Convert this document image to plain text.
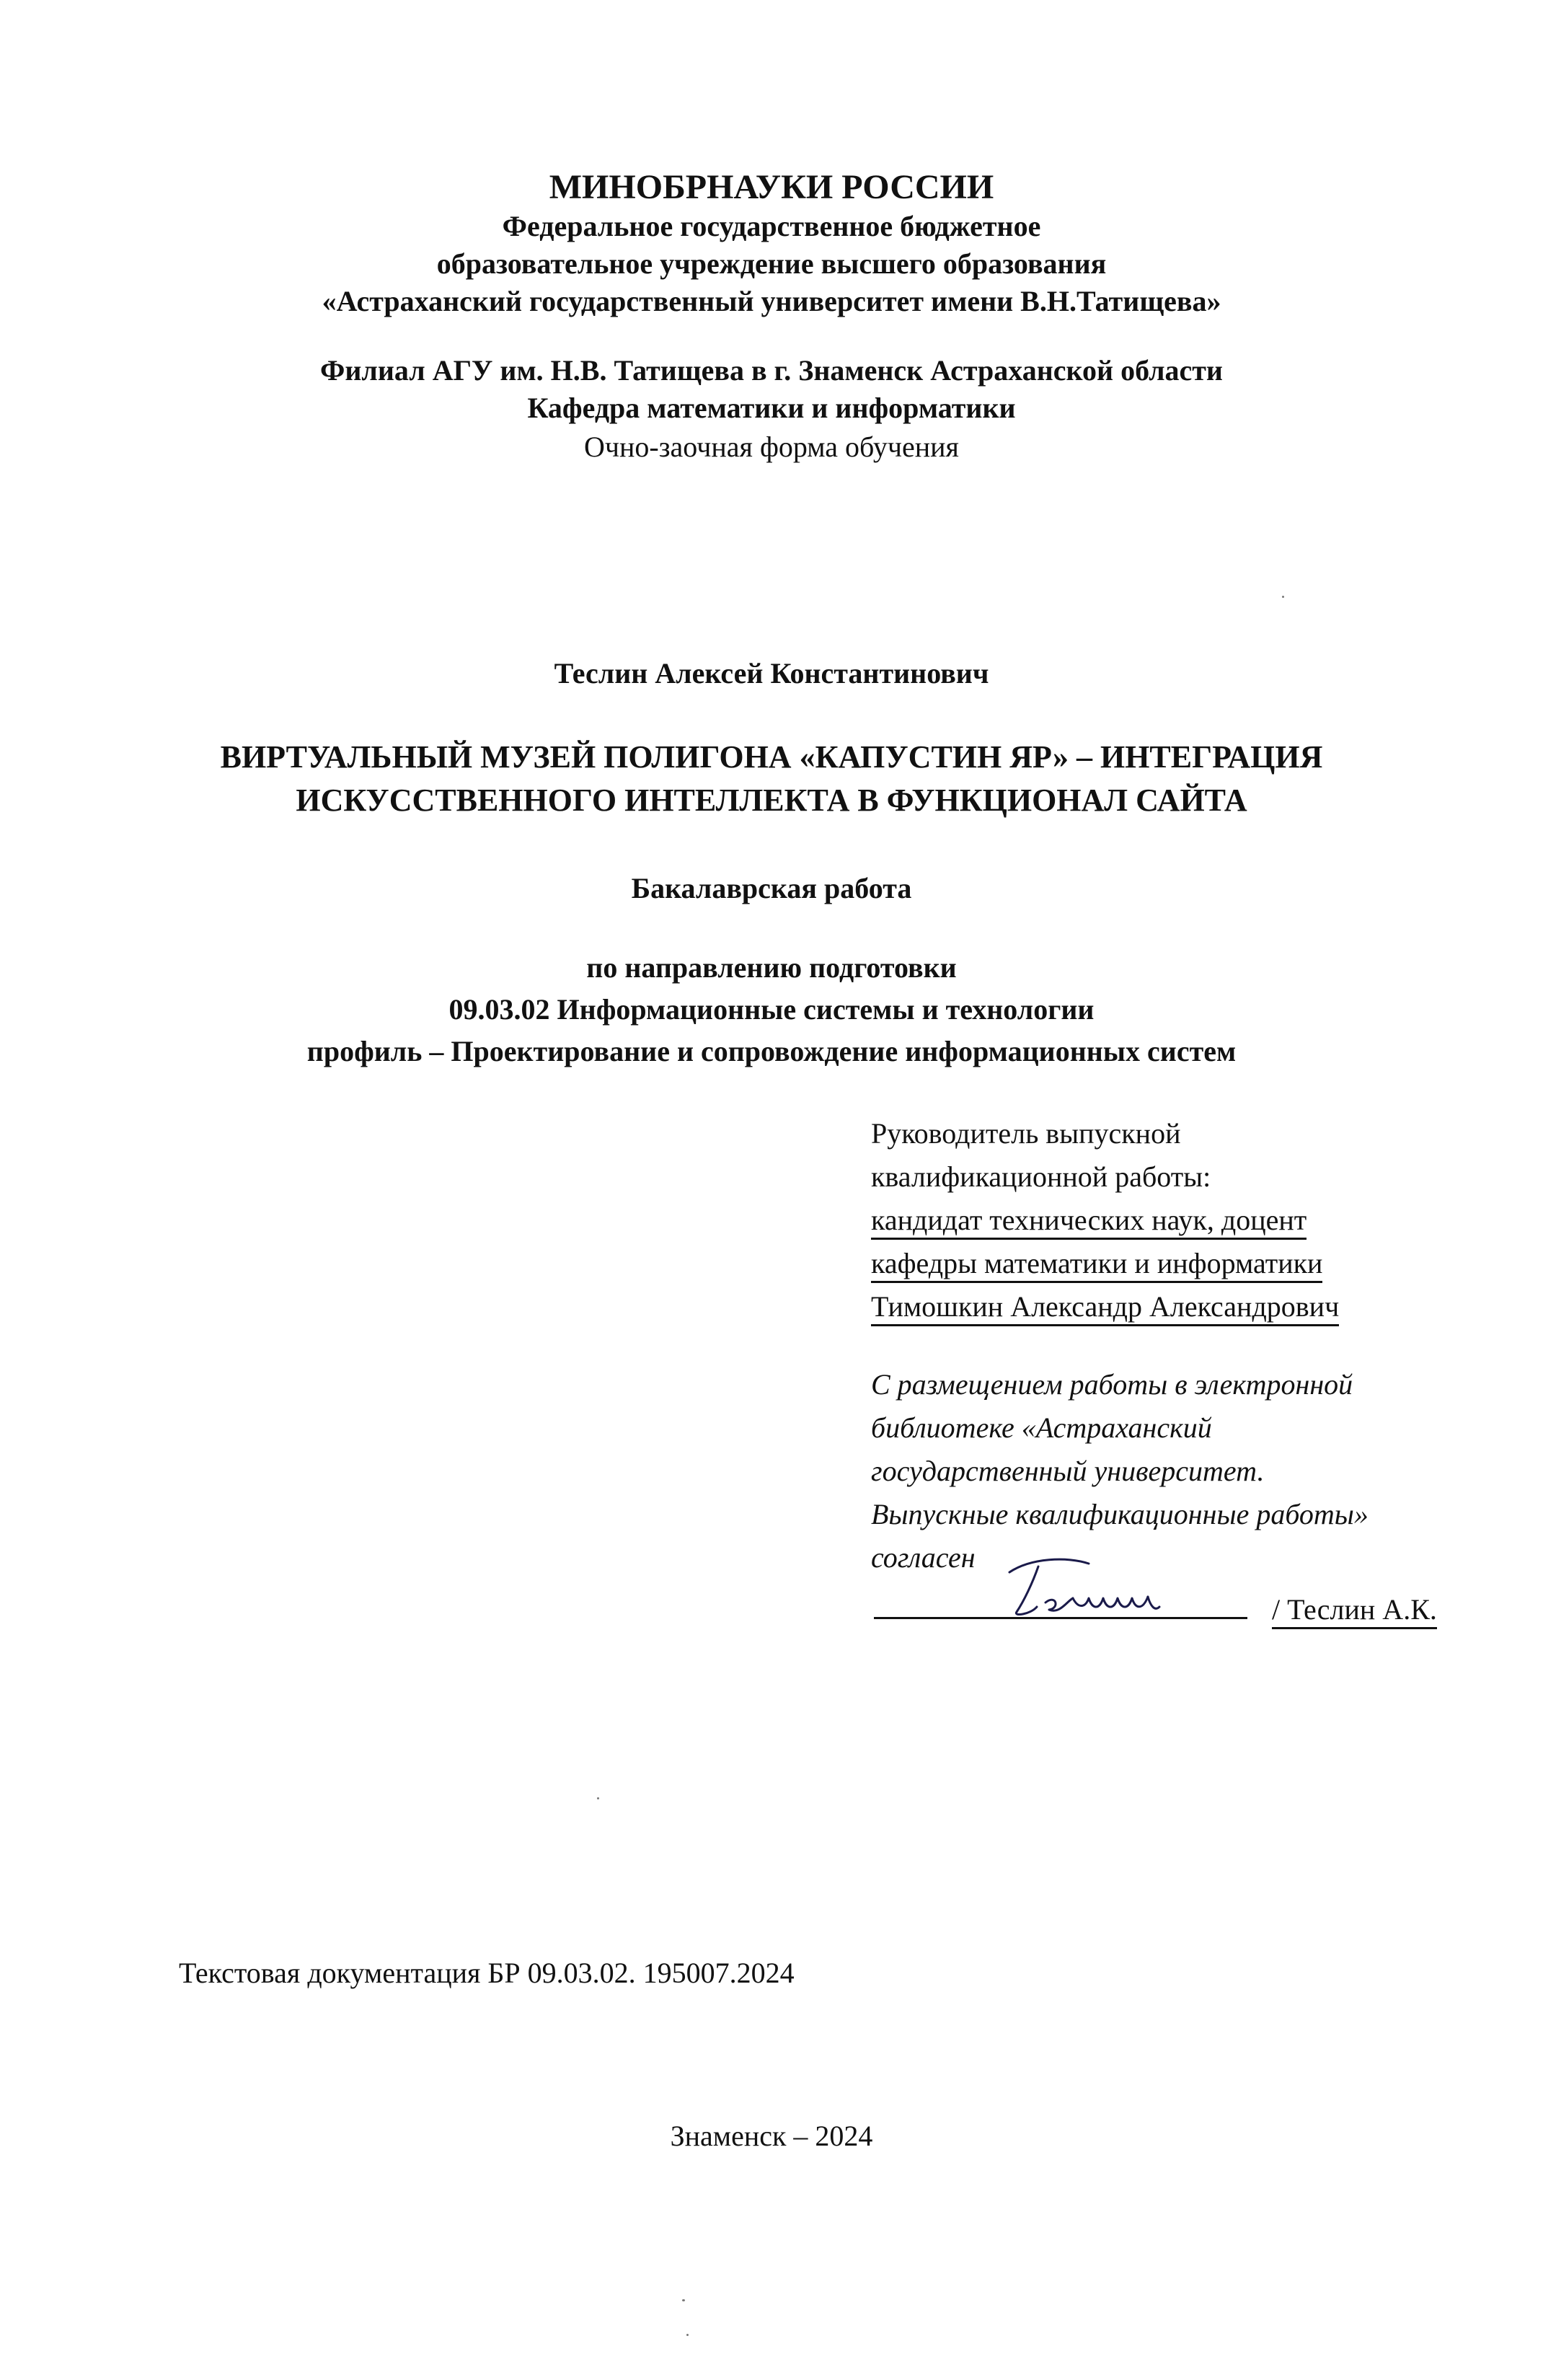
МИНОБРНАУКИ РОССИИ
Федеральное государственное бюджетное
образовательное учреждение высшего образования
«Астраханский государственный университет имени В.Н.Татищева»
Филиал АГУ им. Н.В. Татищева в г. Знаменск Астраханской области
Кафедра математики и информатики
Очно-заочная форма обучения
Теслин Алексей Константинович
ВИРТУАЛЬНЫЙ МУЗЕЙ ПОЛИГОНА «КАПУСТИН ЯР» – ИНТЕГРАЦИЯ
ИСКУССТВЕННОГО ИНТЕЛЛЕКТА В ФУНКЦИОНАЛ САЙТА
Бакалаврская работа
по направлению подготовки
09.03.02 Информационные системы и технологии
профиль – Проектирование и сопровождение информационных систем
Руководитель выпускной
квалификационной работы:
кандидат технических наук, доцент
кафедры математики и информатики
Тимошкин Александр Александрович
С размещением работы в электронной
библиотеке «Астраханский
государственный университет.
Выпускные квалификационные работы»
согласен
/ Теслин А.К.
Текстовая документация БР 09.03.02. 195007.2024
Знаменск – 2024
